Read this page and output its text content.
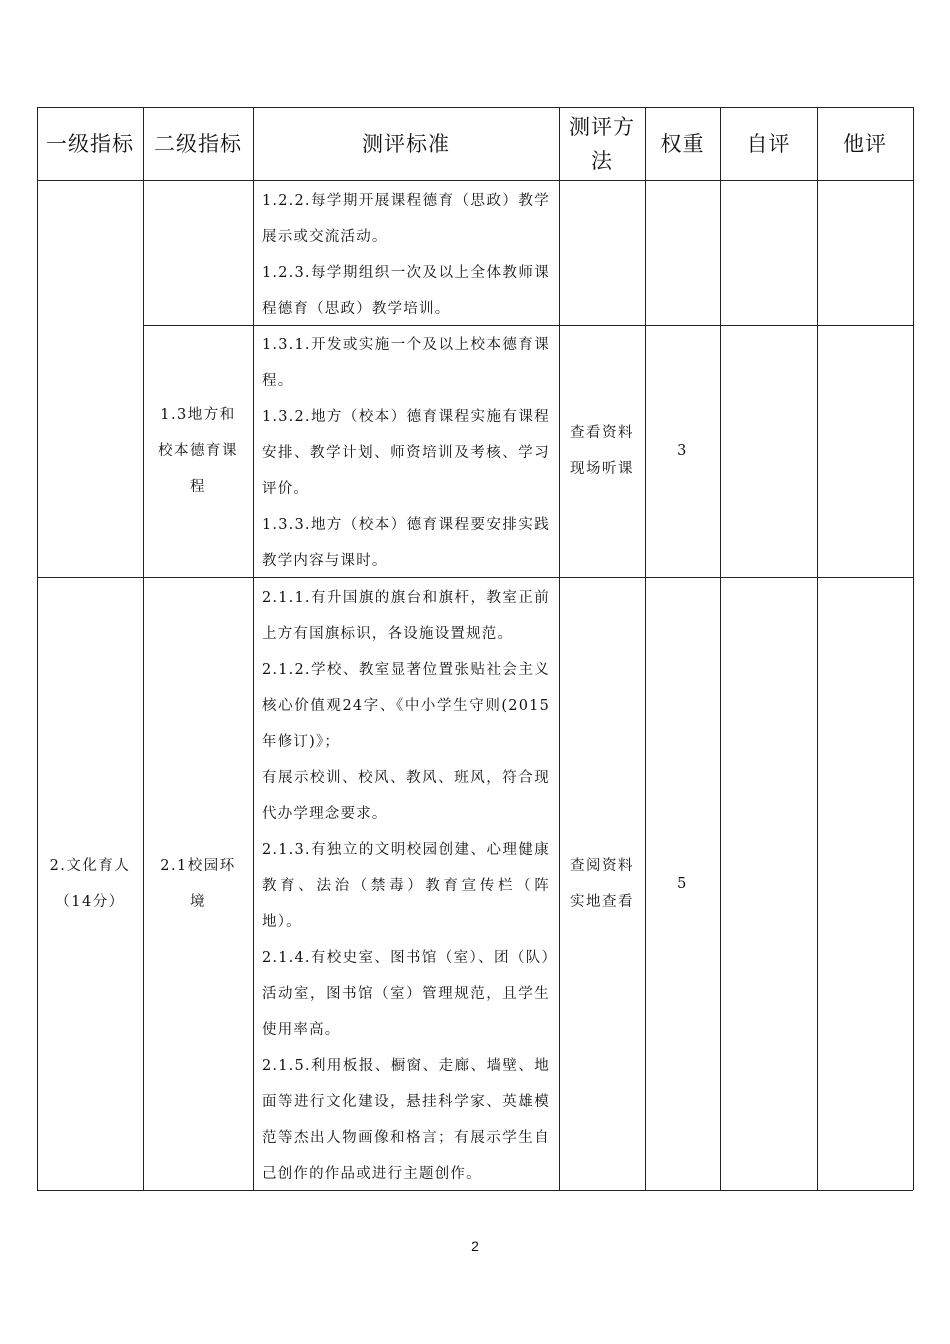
一级指标 二级指标	测评标准
测评方
法
权重 自评	他评

1.2.2.每学期开展课程德育（思政）教学展示或交流活动。

1.2.3.每学期组织一次及以上全体教师课程德育（思政）教学培训。

1.3地方和
校本德育课
程

1.3.1.开发或实施一个及以上校本德育课程。

1.3.2.地方（校本）德育课程实施有课程安排、教学计划、师资培训及考核、学习评价。

1.3.3.地方（校本）德育课程要安排实践教学内容与课时。

查看资料
现场听课
3
2.文化育人
（14分）
2.1校园环
境

2.1.1.有升国旗的旗台和旗杆，教室正前上方有国旗标识，各设施设置规范。

2.1.2.学校、教室显著位置张贴社会主义核心价值观24字、《中小学生守则(2015年修订)》；

有展示校训、校风、教风、班风，符合现代办学理念要求。

2.1.3.有独立的文明校园创建、心理健康教育、法治（禁毒）教育宣传栏（阵地）。

2.1.4.有校史室、图书馆（室）、团（队）活动室，图书馆（室）管理规范，且学生使用率高。

2.1.5.利用板报、橱窗、走廊、墙壁、地面等进行文化建设，悬挂科学家、英雄模范等杰出人物画像和格言；有展示学生自己创作的作品或进行主题创作。

查阅资料
实地查看
5
2
